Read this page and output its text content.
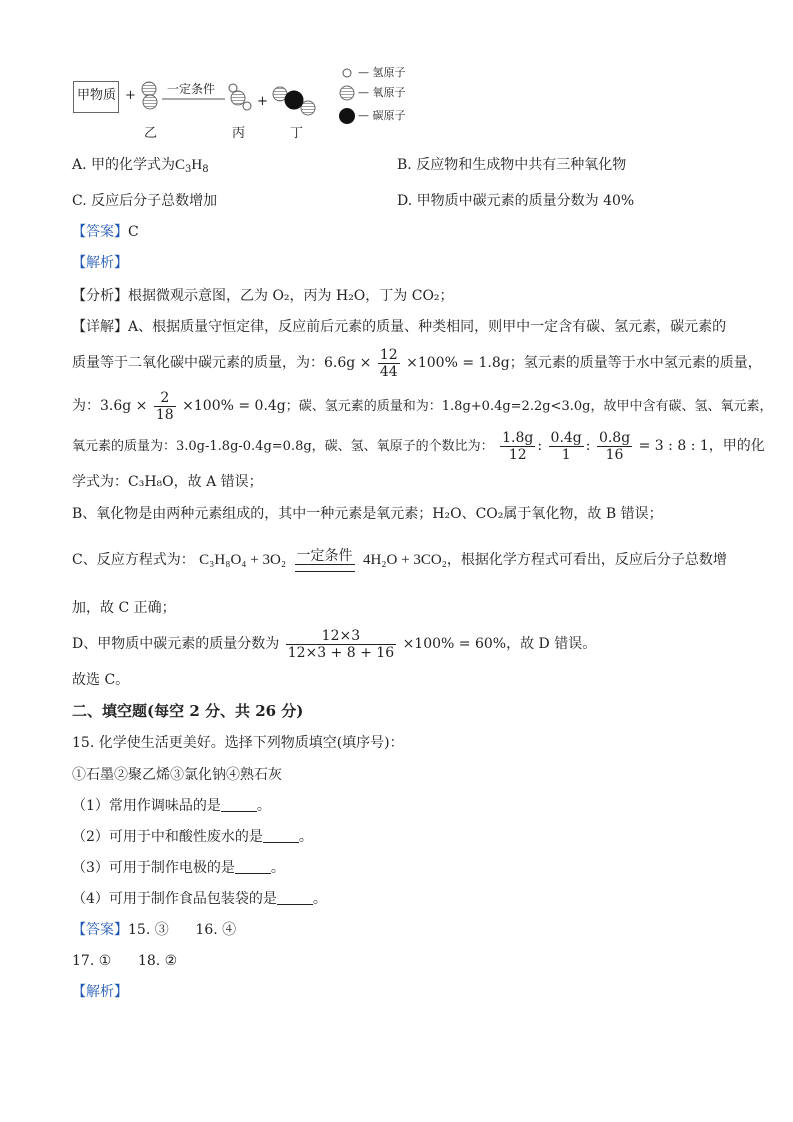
甲物质 +	+
一定条件
乙	丙	丁
— 氢原子
— 氧原子
— 碳原子
A. 甲的化学式为$C_3H_8$	B. 反应物和生成物中共有三种氧化物
C. 反应后分子总数增加	D. 甲物质中碳元素的质量分数为 40%
【答案】C
【解析】
【分析】根据微观示意图，乙为 O₂，丙为 H₂O，丁为 CO₂；
【详解】A、根据质量守恒定律，反应前后元素的质量、种类相同，则甲中一定含有碳、氢元素，碳元素的
质量等于二氧化碳中碳元素的质量，为：$6.6g \times \frac{12}{44} \times 100\% = 1.8g$；氢元素的质量等于水中氢元素的质量，
为：$3.6g \times \frac{2}{18} \times 100\% = 0.4g$；碳、氢元素的质量和为：1.8g+0.4g=2.2g<3.0g，故甲中含有碳、氢、氧元素，
氧元素的质量为：3.0g-1.8g-0.4g=0.8g，碳、氢、氧原子的个数比为： $\frac{1.8g}{12}$ : $\frac{0.4g}{1}$ : $\frac{0.8g}{16} = 3$ : 8 : 1，甲的化
学式为：C₃H₈O，故 A 错误；
B、氧化物是由两种元素组成的，其中一种元素是氧元素；H₂O、CO₂属于氧化物，故 B 错误；
C、反应方程式为： C₃H₈O₄ + 3O₂ 一定条件 4H₂O + 3CO₂，根据化学方程式可看出，反应后分子总数增
加，故 C 正确；
D、甲物质中碳元素的质量分数为 $\frac{12\times 3}{12\times 3 + 8 + 16} \times 100\% = 60\%$，故 D 错误。
故选 C。
二、填空题(每空 2 分、共 26 分)
15. 化学使生活更美好。选择下列物质填空(填序号)：
①石墨②聚乙烯③氯化钠④熟石灰
（1）常用作调味品的是	。
（2）可用于中和酸性废水的是	。
（3）可用于制作电极的是	。
（4）可用于制作食品包装袋的是	。
【答案】15. ③      16. ④
17. ①      18. ②
【解析】
